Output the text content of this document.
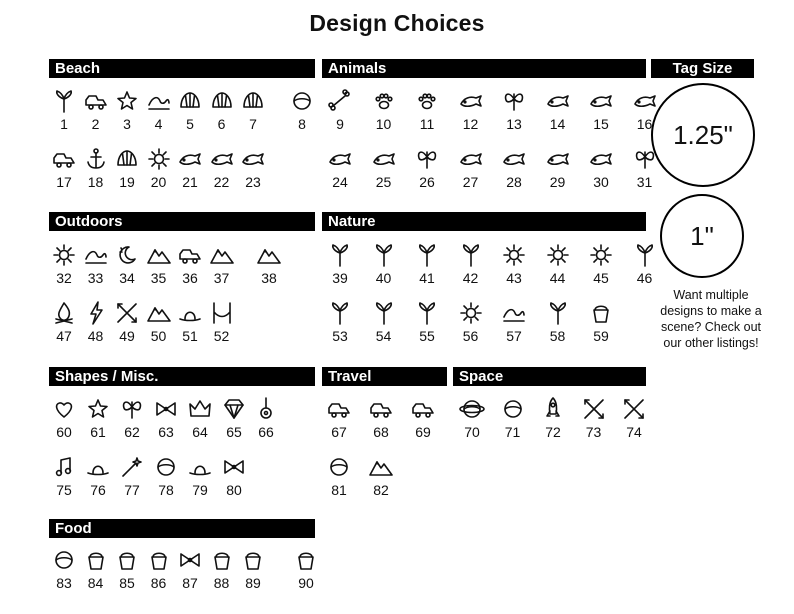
Design Choices
Beach	Animals	Tag Size
Outdoors	Nature
Shapes / Misc.	Travel	Space
Food
1.25"
1"
Want multiple designs to make a scene? Check out our other listings!
1	2	3	4	5	6	7	8
17	18	19	20	21	22	23
9	10	11	12	13	14	15	16
24	25	26	27	28	29	30	31
32	33	34	35	36	37	38
47	48	49	50	51	52
39	40	41	42	43	44	45	46
53	54	55	56	57	58	59
60	61	62	63	64	65	66
75	76	77	78	79	80
67	68	69
81	82
70	71	72	73	74
83	84	85	86	87	88	89	90
